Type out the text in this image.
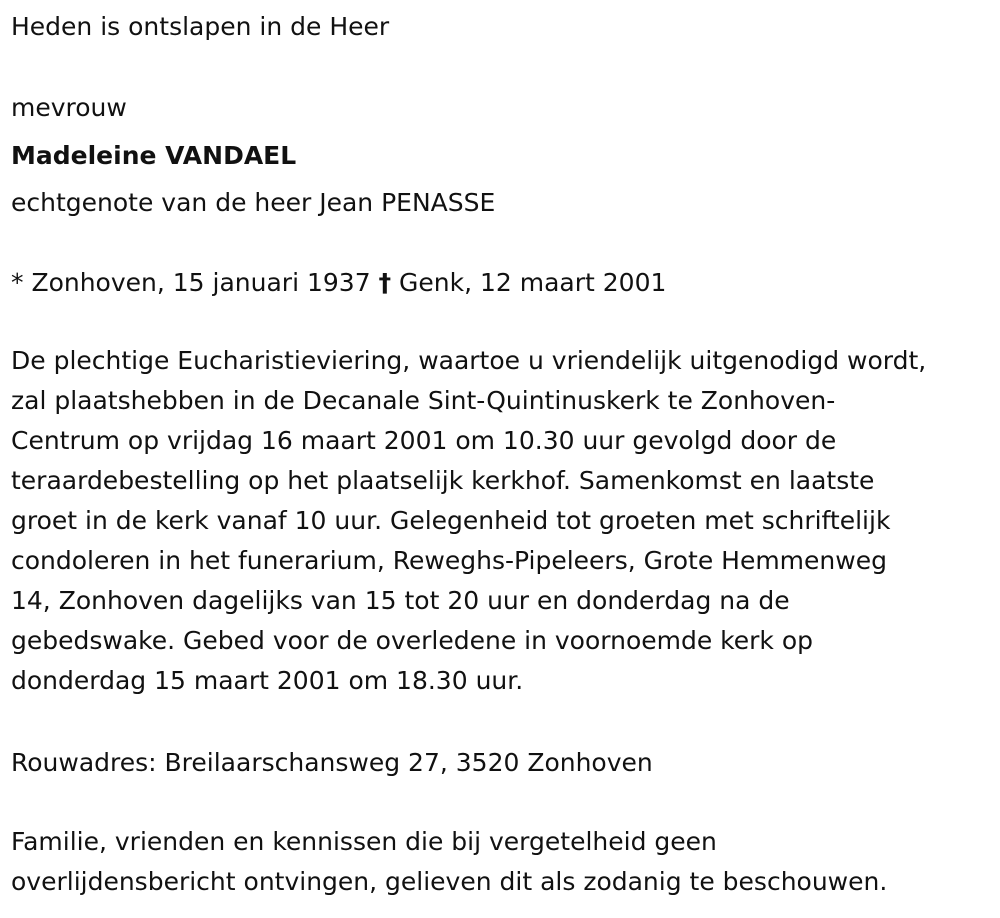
Heden is ontslapen in de Heer
mevrouw
Madeleine VANDAEL
echtgenote van de heer Jean PENASSE
* Zonhoven, 15 januari 1937 † Genk, 12 maart 2001
De plechtige Eucharistieviering, waartoe u vriendelijk uitgenodigd wordt,
zal plaatshebben in de Decanale Sint-Quintinuskerk te Zonhoven-
Centrum op vrijdag 16 maart 2001 om 10.30 uur gevolgd door de
teraardebestelling op het plaatselijk kerkhof. Samenkomst en laatste
groet in de kerk vanaf 10 uur. Gelegenheid tot groeten met schriftelijk
condoleren in het funerarium, Reweghs-Pipeleers, Grote Hemmenweg
14, Zonhoven dagelijks van 15 tot 20 uur en donderdag na de
gebedswake. Gebed voor de overledene in voornoemde kerk op
donderdag 15 maart 2001 om 18.30 uur.
Rouwadres: Breilaarschansweg 27, 3520 Zonhoven
Familie, vrienden en kennissen die bij vergetelheid geen
overlijdensbericht ontvingen, gelieven dit als zodanig te beschouwen.
